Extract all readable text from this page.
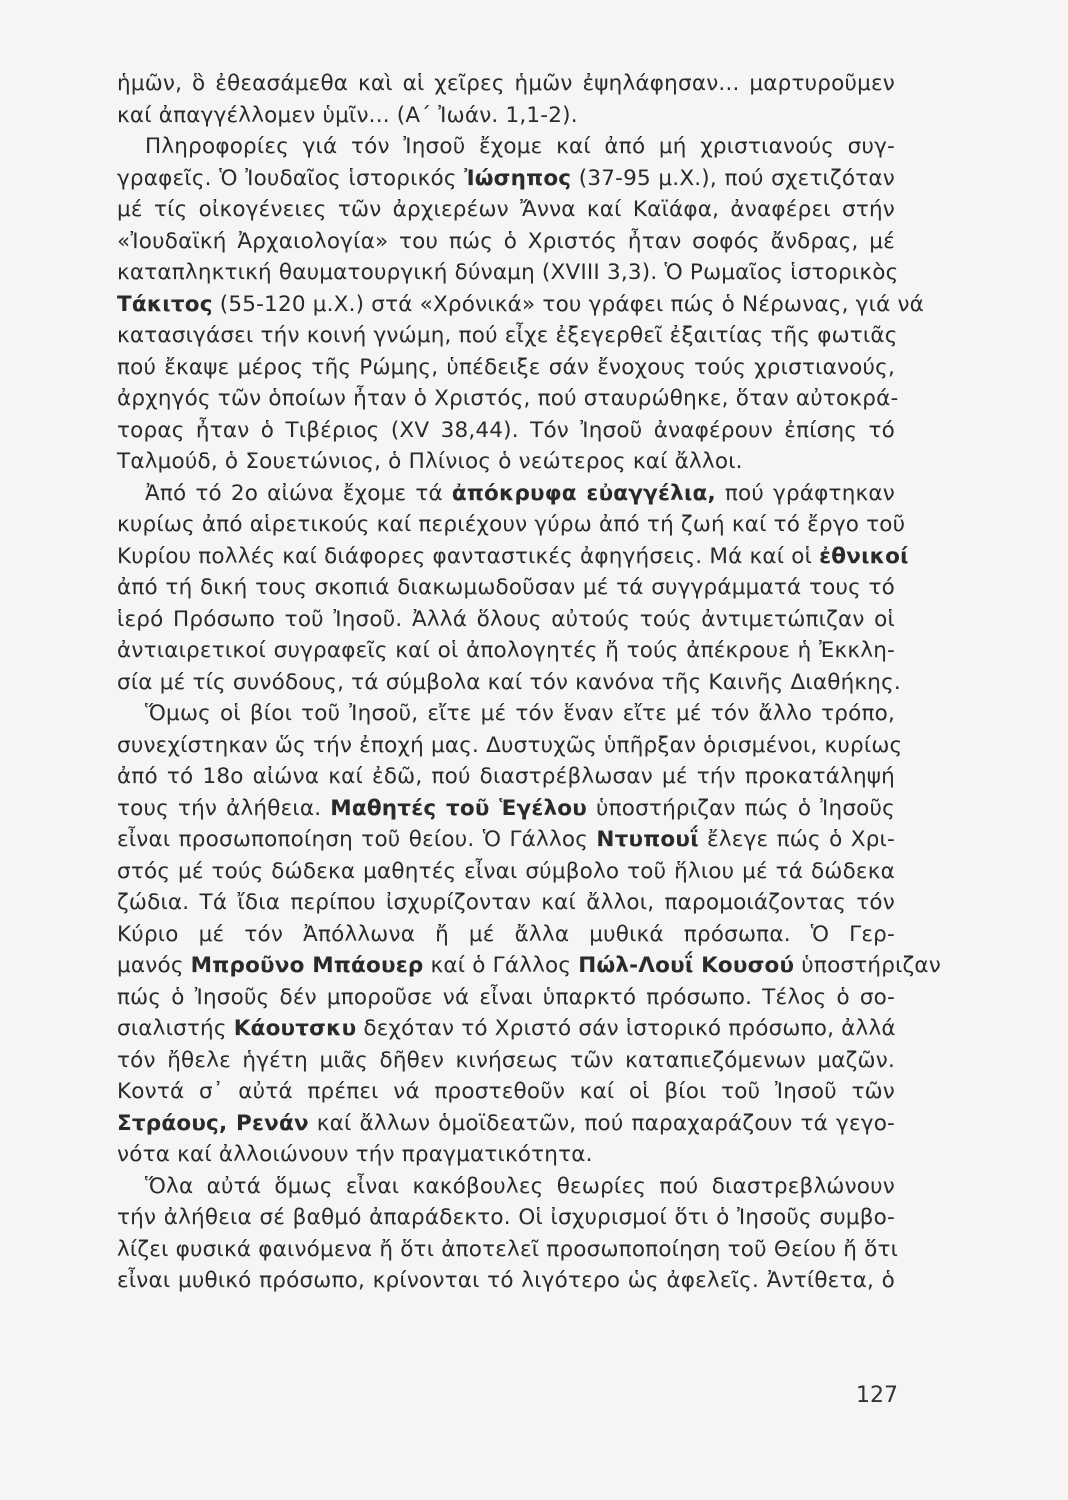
ἡμῶν, ὃ ἐθεασάμεθα καὶ αἱ χεῖρες ἡμῶν ἐψηλάφησαν... μαρτυροῦμεν
καί ἀπαγγέλλομεν ὑμῖν... (Α΄ Ἰωάν. 1,1-2).
Πληροφορίες γιά τόν Ἰησοῦ ἔχομε καί ἀπό μή χριστιανούς συγ-
γραφεῖς. Ὁ Ἰουδαῖος ἱστορικός Ἰώσηπος (37-95 μ.Χ.), πού σχετιζόταν
μέ τίς οἰκογένειες τῶν ἀρχιερέων Ἄννα καί Καϊάφα, ἀναφέρει στήν
«Ἰουδαϊκή Ἀρχαιολογία» του πώς ὁ Χριστός ἦταν σοφός ἄνδρας, μέ
καταπληκτική θαυματουργική δύναμη (XVIII 3,3). Ὁ Ρωμαῖος ἱστορικὸς
Τάκιτος (55-120 μ.Χ.) στά «Χρόνικά» του γράφει πώς ὁ Νέρωνας, γιά νά
κατασιγάσει τήν κοινή γνώμη, πού εἶχε ἐξεγερθεῖ ἐξαιτίας τῆς φωτιᾶς
πού ἔκαψε μέρος τῆς Ρώμης, ὑπέδειξε σάν ἔνοχους τούς χριστιανούς,
ἀρχηγός τῶν ὁποίων ἦταν ὁ Χριστός, πού σταυρώθηκε, ὅταν αὐτοκρά-
τορας ἦταν ὁ Τιβέριος (XV 38,44). Τόν Ἰησοῦ ἀναφέρουν ἐπίσης τό
Ταλμούδ, ὁ Σουετώνιος, ὁ Πλίνιος ὁ νεώτερος καί ἄλλοι.
Ἀπό τό 2ο αἰώνα ἔχομε τά ἀπόκρυφα εὐαγγέλια, πού γράφτηκαν
κυρίως ἀπό αἱρετικούς καί περιέχουν γύρω ἀπό τή ζωή καί τό ἔργο τοῦ
Κυρίου πολλές καί διάφορες φανταστικές ἀφηγήσεις. Μά καί οἱ ἐθνικοί
ἀπό τή δική τους σκοπιά διακωμωδοῦσαν μέ τά συγγράμματά τους τό
ἱερό Πρόσωπο τοῦ Ἰησοῦ. Ἀλλά ὅλους αὐτούς τούς ἀντιμετώπιζαν οἱ
ἀντιαιρετικοί συγραφεῖς καί οἱ ἀπολογητές ἤ τούς ἀπέκρουε ἡ Ἐκκλη-
σία μέ τίς συνόδους, τά σύμβολα καί τόν κανόνα τῆς Καινῆς Διαθήκης.
Ὅμως οἱ βίοι τοῦ Ἰησοῦ, εἴτε μέ τόν ἕναν εἴτε μέ τόν ἄλλο τρόπο,
συνεχίστηκαν ὥς τήν ἐποχή μας. Δυστυχῶς ὑπῆρξαν ὁρισμένοι, κυρίως
ἀπό τό 18ο αἰώνα καί ἐδῶ, πού διαστρέβλωσαν μέ τήν προκατάληψή
τους τήν ἀλήθεια. Μαθητές τοῦ Ἑγέλου ὑποστήριζαν πώς ὁ Ἰησοῦς
εἶναι προσωποποίηση τοῦ θείου. Ὁ Γάλλος Ντυπουΐ ἔλεγε πώς ὁ Χρι-
στός μέ τούς δώδεκα μαθητές εἶναι σύμβολο τοῦ ἥλιου μέ τά δώδεκα
ζώδια. Τά ἴδια περίπου ἰσχυρίζονταν καί ἄλλοι, παρομοιάζοντας τόν
Κύριο μέ τόν Ἀπόλλωνα ἤ μέ ἄλλα μυθικά πρόσωπα. Ὁ Γερ-
μανός Μπροῦνο Μπάουερ καί ὁ Γάλλος Πώλ-Λουΐ Κουσού ὑποστήριζαν
πώς ὁ Ἰησοῦς δέν μποροῦσε νά εἶναι ὑπαρκτό πρόσωπο. Τέλος ὁ σο-
σιαλιστής Κάουτσκυ δεχόταν τό Χριστό σάν ἱστορικό πρόσωπο, ἀλλά
τόν ἤθελε ἡγέτη μιᾶς δῆθεν κινήσεως τῶν καταπιεζόμενων μαζῶν.
Κοντά σ᾽ αὐτά πρέπει νά προστεθοῦν καί οἱ βίοι τοῦ Ἰησοῦ τῶν
Στράους, Ρενάν καί ἄλλων ὁμοϊδεατῶν, πού παραχαράζουν τά γεγο-
νότα καί ἀλλοιώνουν τήν πραγματικότητα.
Ὅλα αὐτά ὅμως εἶναι κακόβουλες θεωρίες πού διαστρεβλώνουν
τήν ἀλήθεια σέ βαθμό ἀπαράδεκτο. Οἱ ἰσχυρισμοί ὅτι ὁ Ἰησοῦς συμβο-
λίζει φυσικά φαινόμενα ἤ ὅτι ἀποτελεῖ προσωποποίηση τοῦ Θείου ἤ ὅτι
εἶναι μυθικό πρόσωπο, κρίνονται τό λιγότερο ὡς ἀφελεῖς. Ἀντίθετα, ὁ
127
